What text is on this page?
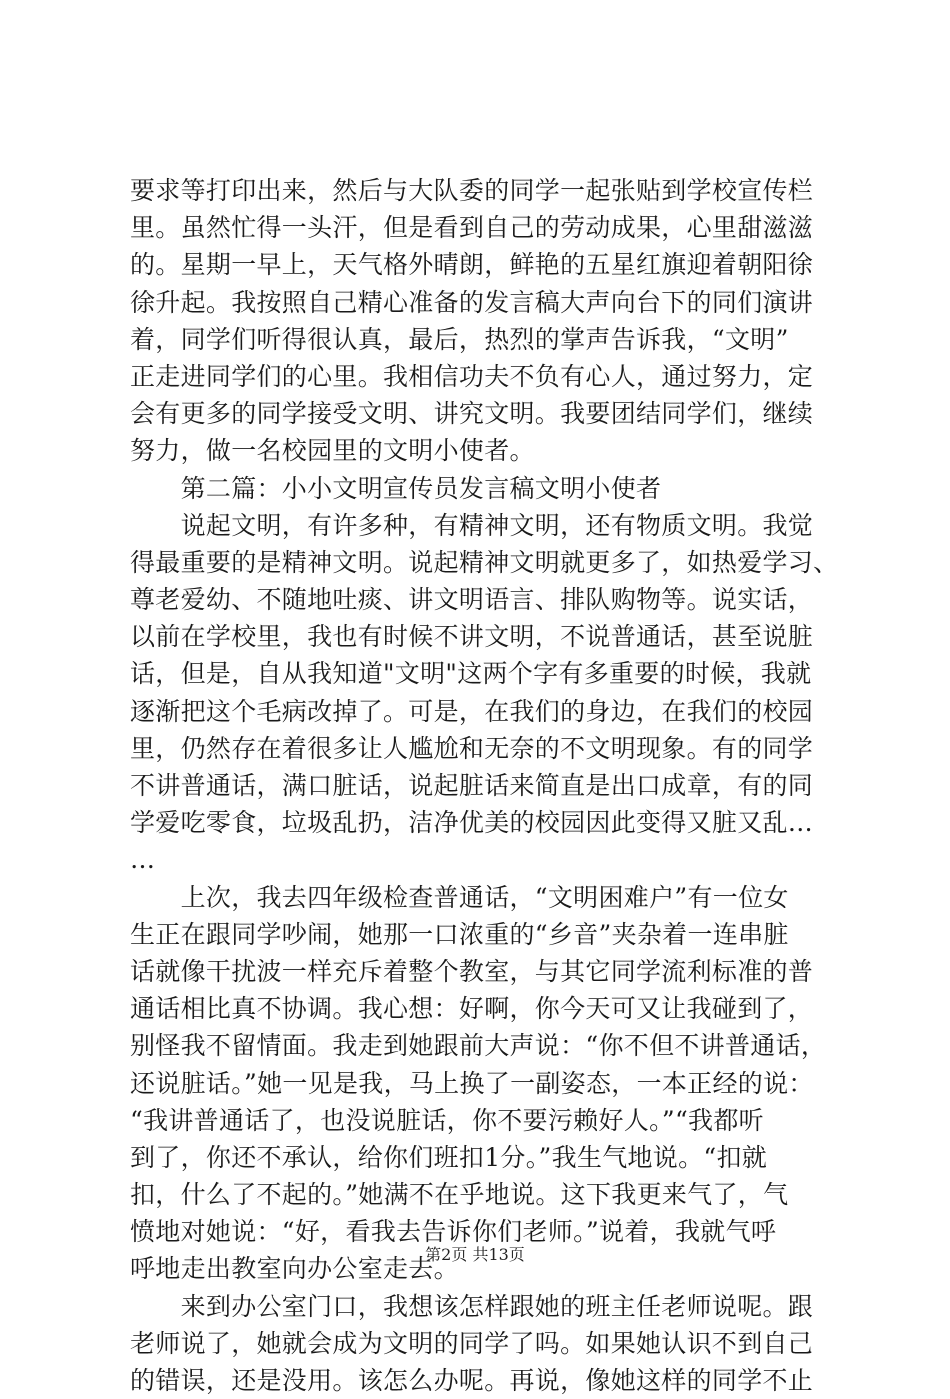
要求等打印出来，然后与大队委的同学一起张贴到学校宣传栏
里。虽然忙得一头汗，但是看到自己的劳动成果，心里甜滋滋
的。星期一早上，天气格外晴朗，鲜艳的五星红旗迎着朝阳徐
徐升起。我按照自己精心准备的发言稿大声向台下的同们演讲
着，同学们听得很认真，最后，热烈的掌声告诉我，“文明”
正走进同学们的心里。我相信功夫不负有心人，通过努力，定
会有更多的同学接受文明、讲究文明。我要团结同学们，继续
努力，做一名校园里的文明小使者。
　　第二篇：小小文明宣传员发言稿文明小使者
　　说起文明，有许多种，有精神文明，还有物质文明。我觉
得最重要的是精神文明。说起精神文明就更多了，如热爱学习、
尊老爱幼、不随地吐痰、讲文明语言、排队购物等。说实话，
以前在学校里，我也有时候不讲文明，不说普通话，甚至说脏
话，但是，自从我知道"文明"这两个字有多重要的时候，我就
逐渐把这个毛病改掉了。可是，在我们的身边，在我们的校园
里，仍然存在着很多让人尴尬和无奈的不文明现象。有的同学
不讲普通话，满口脏话，说起脏话来简直是出口成章，有的同
学爱吃零食，垃圾乱扔，洁净优美的校园因此变得又脏又乱…
…
　　上次，我去四年级检查普通话，“文明困难户”有一位女
生正在跟同学吵闹，她那一口浓重的“乡音”夹杂着一连串脏
话就像干扰波一样充斥着整个教室，与其它同学流利标准的普
通话相比真不协调。我心想：好啊，你今天可又让我碰到了，
别怪我不留情面。我走到她跟前大声说：“你不但不讲普通话，
还说脏话。”她一见是我，马上换了一副姿态，一本正经的说：
“我讲普通话了，也没说脏话，你不要污赖好人。”“我都听
到了，你还不承认，给你们班扣1分。”我生气地说。“扣就
扣，什么了不起的。”她满不在乎地说。这下我更来气了，气
愤地对她说：“好，看我去告诉你们老师。”说着，我就气呼
呼地走出教室向办公室走去。
　　来到办公室门口，我想该怎样跟她的班主任老师说呢。跟
老师说了，她就会成为文明的同学了吗。如果她认识不到自己
的错误，还是没用。该怎么办呢。再说，像她这样的同学不止
第2页 共13页
